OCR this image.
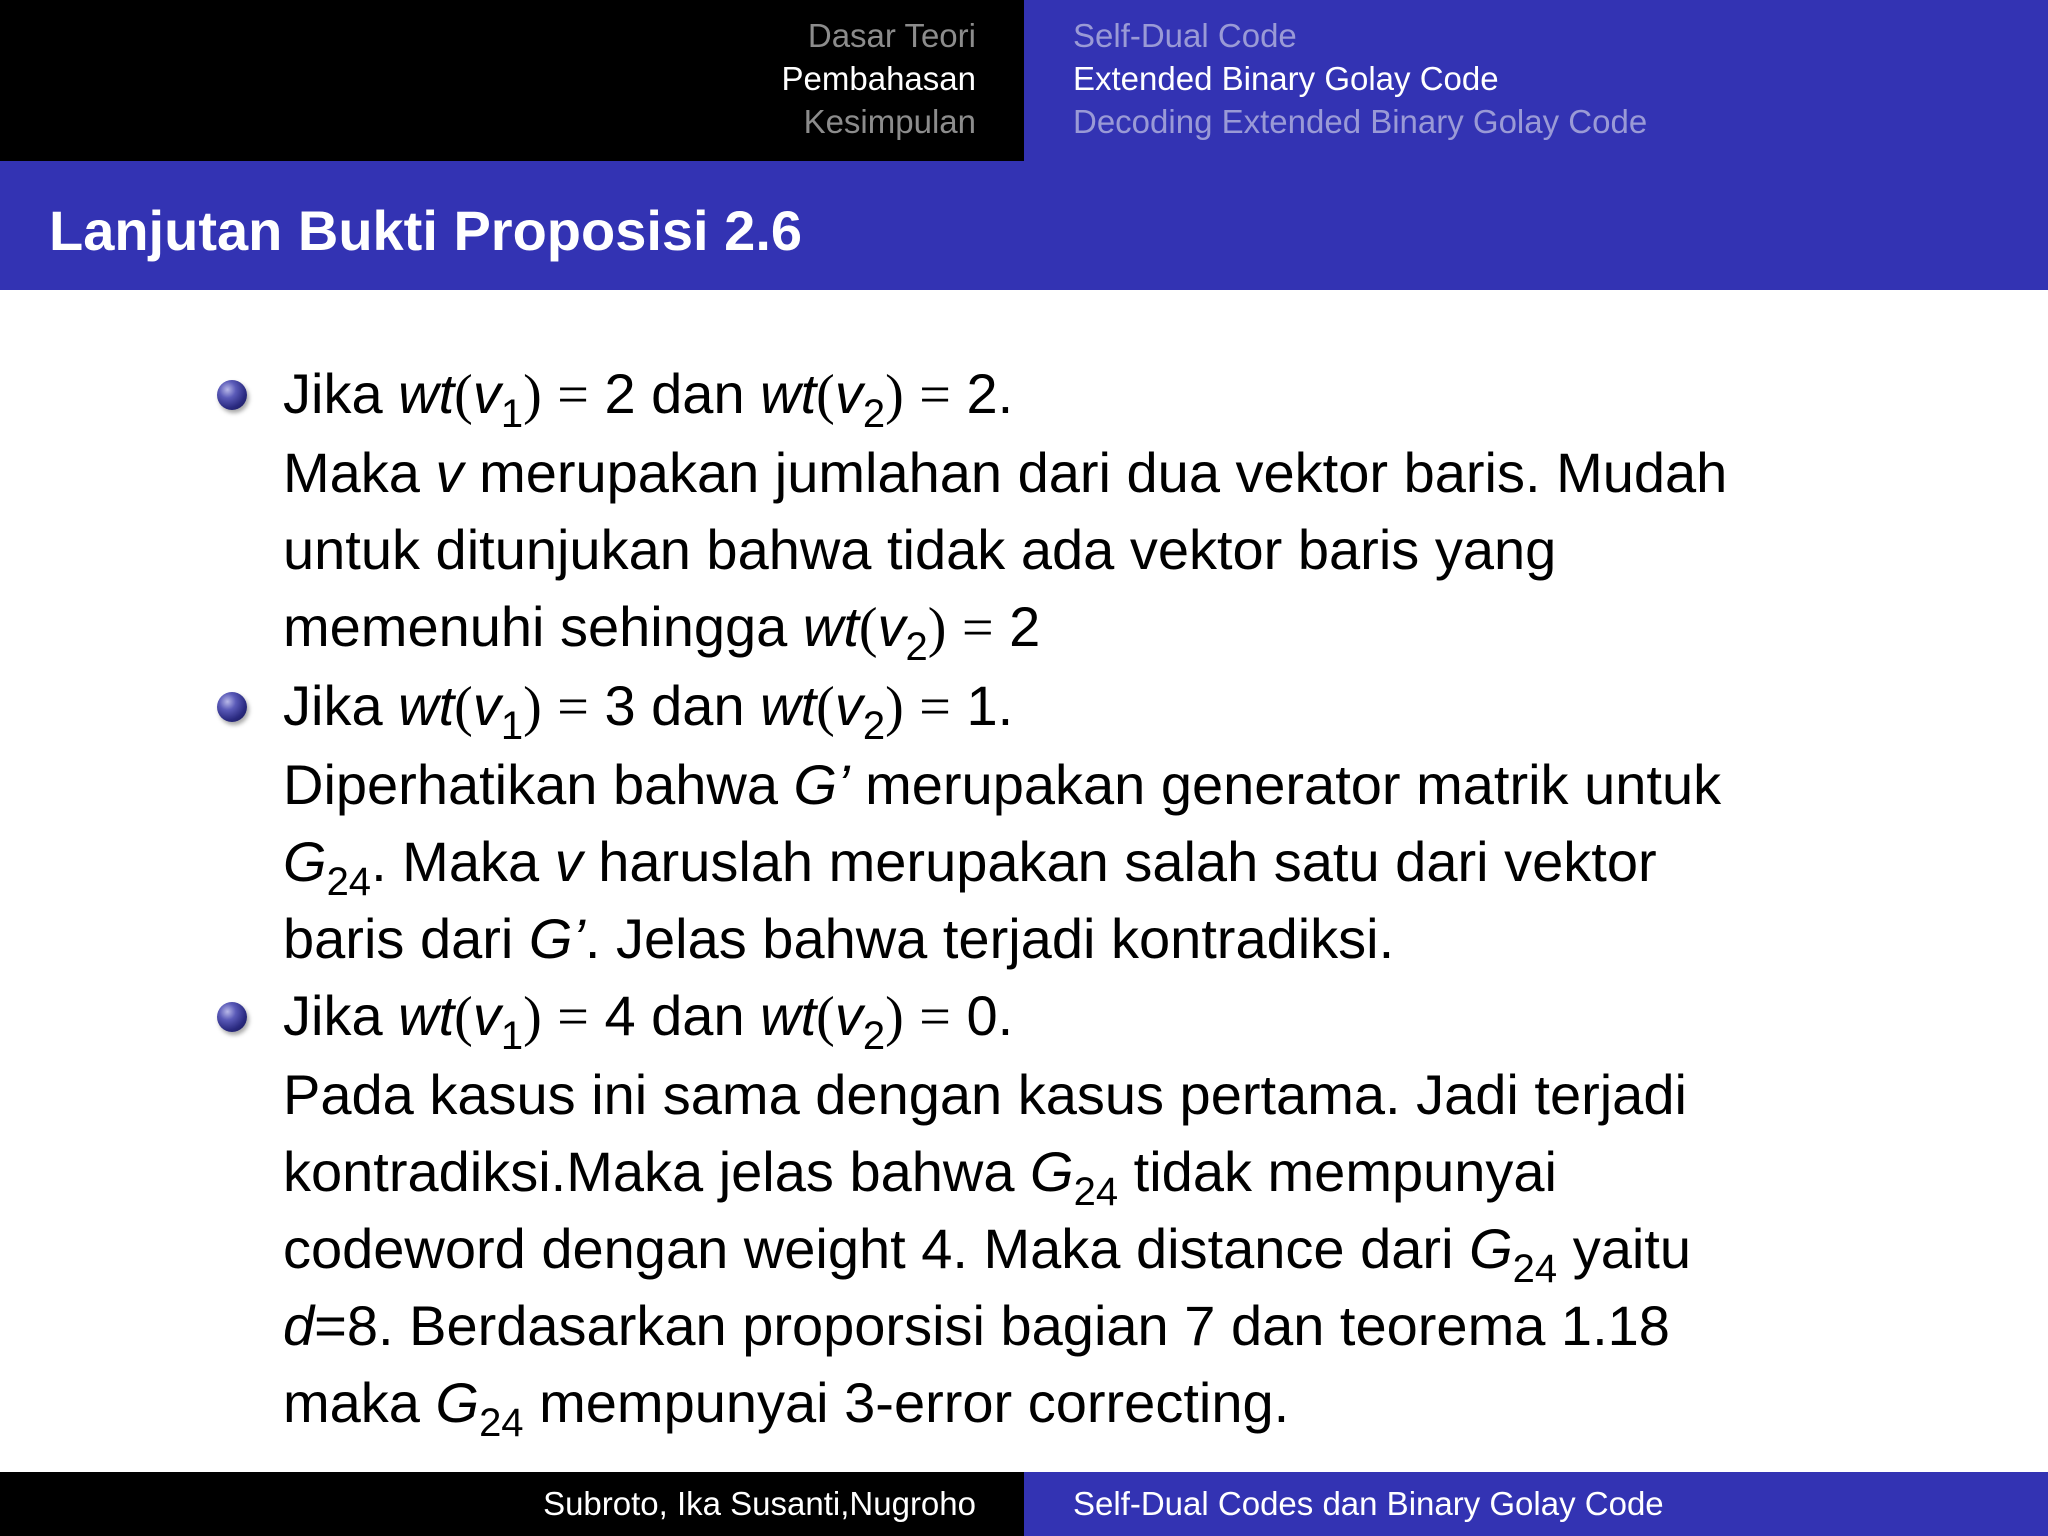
Dasar Teori
Pembahasan
Kesimpulan
Self-Dual Code
Extended Binary Golay Code
Decoding Extended Binary Golay Code
Lanjutan Bukti Proposisi 2.6
Jika $wt(v_1) = 2$ dan $wt(v_2) = 2$.
Maka v merupakan jumlahan dari dua vektor baris. Mudah
untuk ditunjukan bahwa tidak ada vektor baris yang
memenuhi sehingga $wt(v_2) = 2$
Jika $wt(v_1) = 3$ dan $wt(v_2) = 1$.
Diperhatikan bahwa G’ merupakan generator matrik untuk
$G_{24}$. Maka v haruslah merupakan salah satu dari vektor
baris dari G’. Jelas bahwa terjadi kontradiksi.
Jika $wt(v_1) = 4$ dan $wt(v_2) = 0$.
Pada kasus ini sama dengan kasus pertama. Jadi terjadi
kontradiksi.Maka jelas bahwa $G_{24}$ tidak mempunyai
codeword dengan weight 4. Maka distance dari $G_{24}$ yaitu
d=8. Berdasarkan proporsisi bagian 7 dan teorema 1.18
maka $G_{24}$ mempunyai 3-error correcting.
Subroto, Ika Susanti,Nugroho	Self-Dual Codes dan Binary Golay Code
